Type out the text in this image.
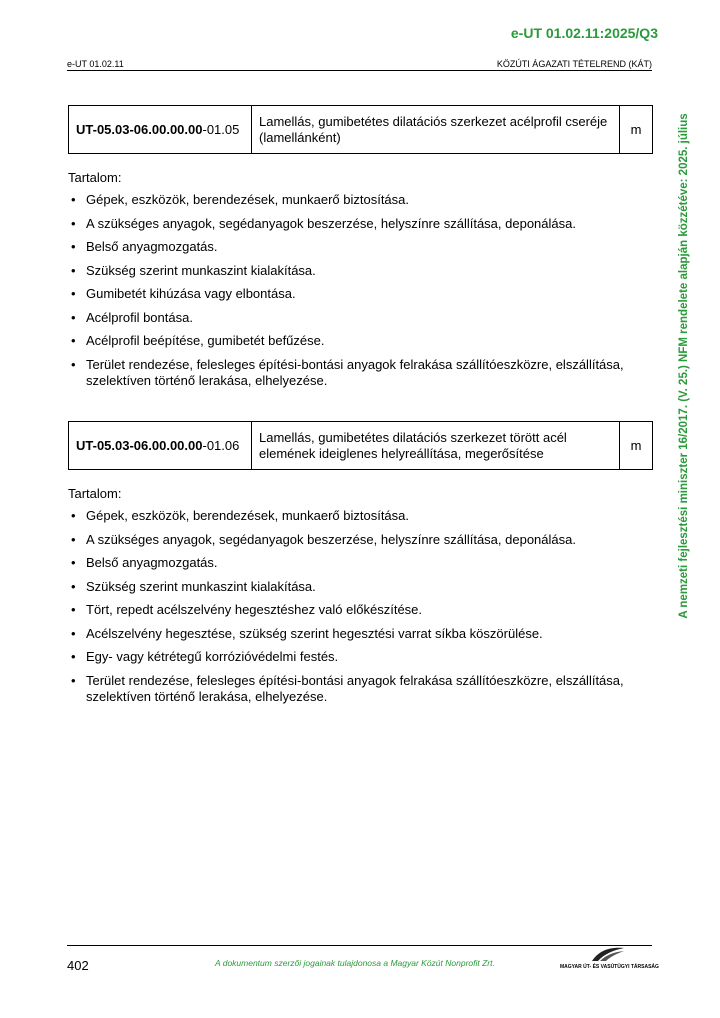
e-UT 01.02.11:2025/Q3
e-UT 01.02.11	KÖZÚTI ÁGAZATI TÉTELREND (KÁT)
A nemzeti fejlesztési miniszter 16/2017. (V. 25.) NFM rendelete alapján közzétéve: 2025. július
UT-05.03-06.00.00.00-01.05	Lamellás, gumibetétes dilatációs szerkezet acélprofil cseréje (lamellánként)	m
Tartalom:
• Gépek, eszközök, berendezések, munkaerő biztosítása.
• A szükséges anyagok, segédanyagok beszerzése, helyszínre szállítása, deponálása.
• Belső anyagmozgatás.
• Szükség szerint munkaszint kialakítása.
• Gumibetét kihúzása vagy elbontása.
• Acélprofil bontása.
• Acélprofil beépítése, gumibetét befűzése.
• Terület rendezése, felesleges építési-bontási anyagok felrakása szállítóeszközre, elszállítása, szelektíven történő lerakása, elhelyezése.
UT-05.03-06.00.00.00-01.06	Lamellás, gumibetétes dilatációs szerkezet törött acél elemének ideiglenes helyreállítása, megerősítése	m
Tartalom:
• Gépek, eszközök, berendezések, munkaerő biztosítása.
• A szükséges anyagok, segédanyagok beszerzése, helyszínre szállítása, deponálása.
• Belső anyagmozgatás.
• Szükség szerint munkaszint kialakítása.
• Tört, repedt acélszelvény hegesztéshez való előkészítése.
• Acélszelvény hegesztése, szükség szerint hegesztési varrat síkba köszörülése.
• Egy- vagy kétrétegű korrózióvédelmi festés.
• Terület rendezése, felesleges építési-bontási anyagok felrakása szállítóeszközre, elszállítása, szelektíven történő lerakása, elhelyezése.
402	A dokumentum szerzői jogainak tulajdonosa a Magyar Közút Nonprofit Zrt.	MAGYAR ÚT- ÉS VASÚTÜGYI TÁRSASÁG
